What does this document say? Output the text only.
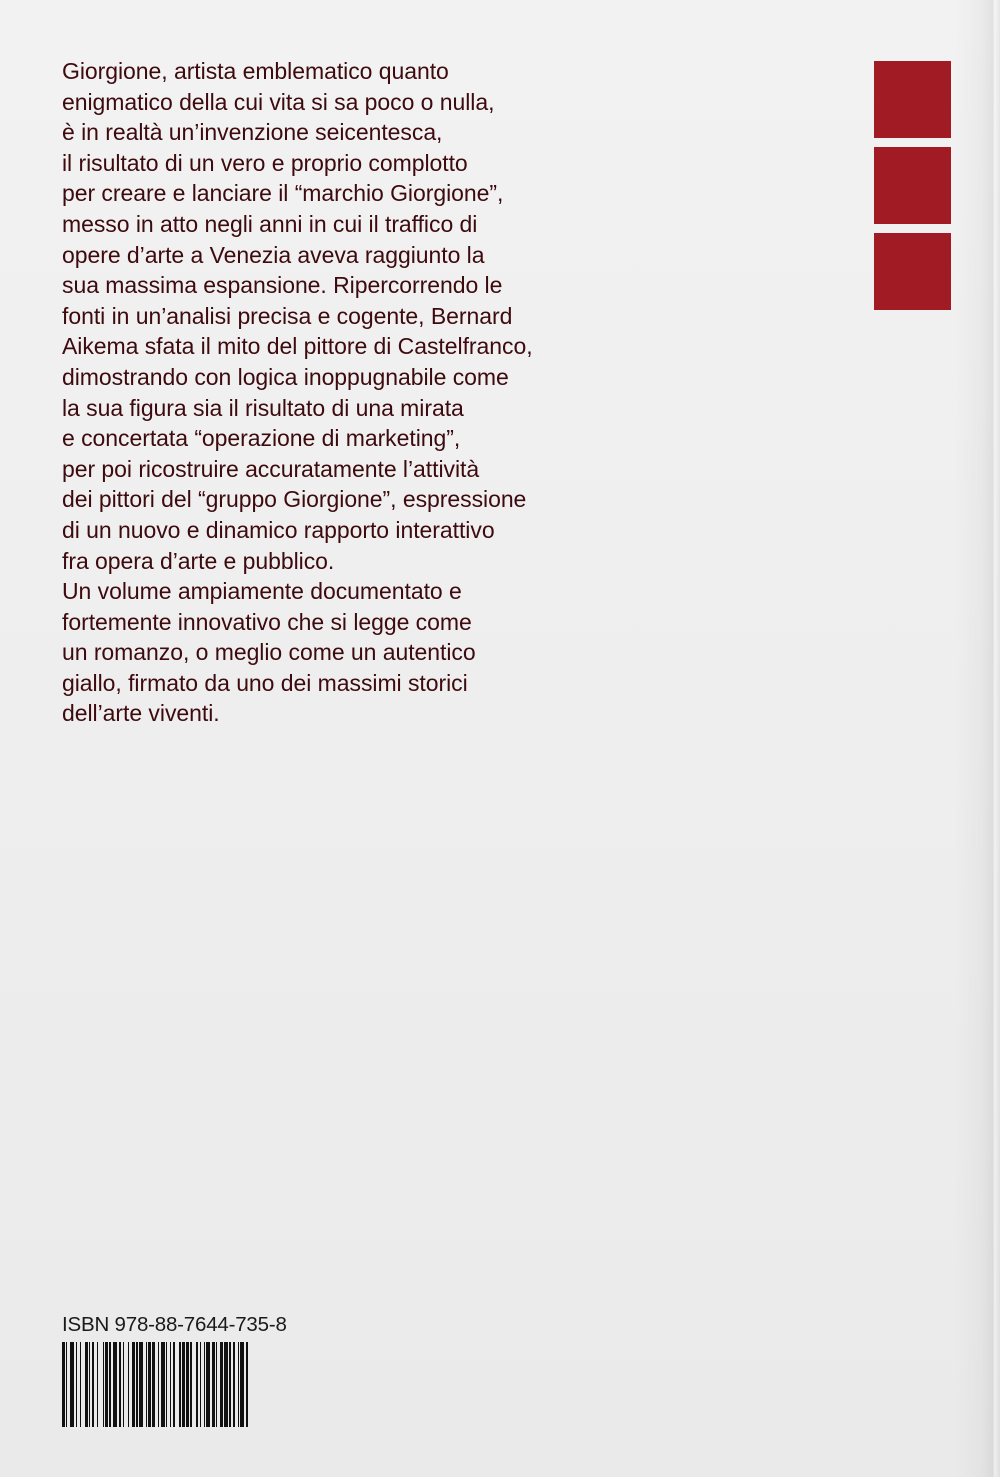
Giorgione, artista emblematico quanto
enigmatico della cui vita si sa poco o nulla,
è in realtà un’invenzione seicentesca,
il risultato di un vero e proprio complotto
per creare e lanciare il “marchio Giorgione”,
messo in atto negli anni in cui il traffico di
opere d’arte a Venezia aveva raggiunto la
sua massima espansione. Ripercorrendo le
fonti in un’analisi precisa e cogente, Bernard
Aikema sfata il mito del pittore di Castelfranco,
dimostrando con logica inoppugnabile come
la sua figura sia il risultato di una mirata
e concertata “operazione di marketing”,
per poi ricostruire accuratamente l’attività
dei pittori del “gruppo Giorgione”, espressione
di un nuovo e dinamico rapporto interattivo
fra opera d’arte e pubblico.
Un volume ampiamente documentato e
fortemente innovativo che si legge come
un romanzo, o meglio come un autentico
giallo, firmato da uno dei massimi storici
dell’arte viventi.

ISBN 978-88-7644-735-8
